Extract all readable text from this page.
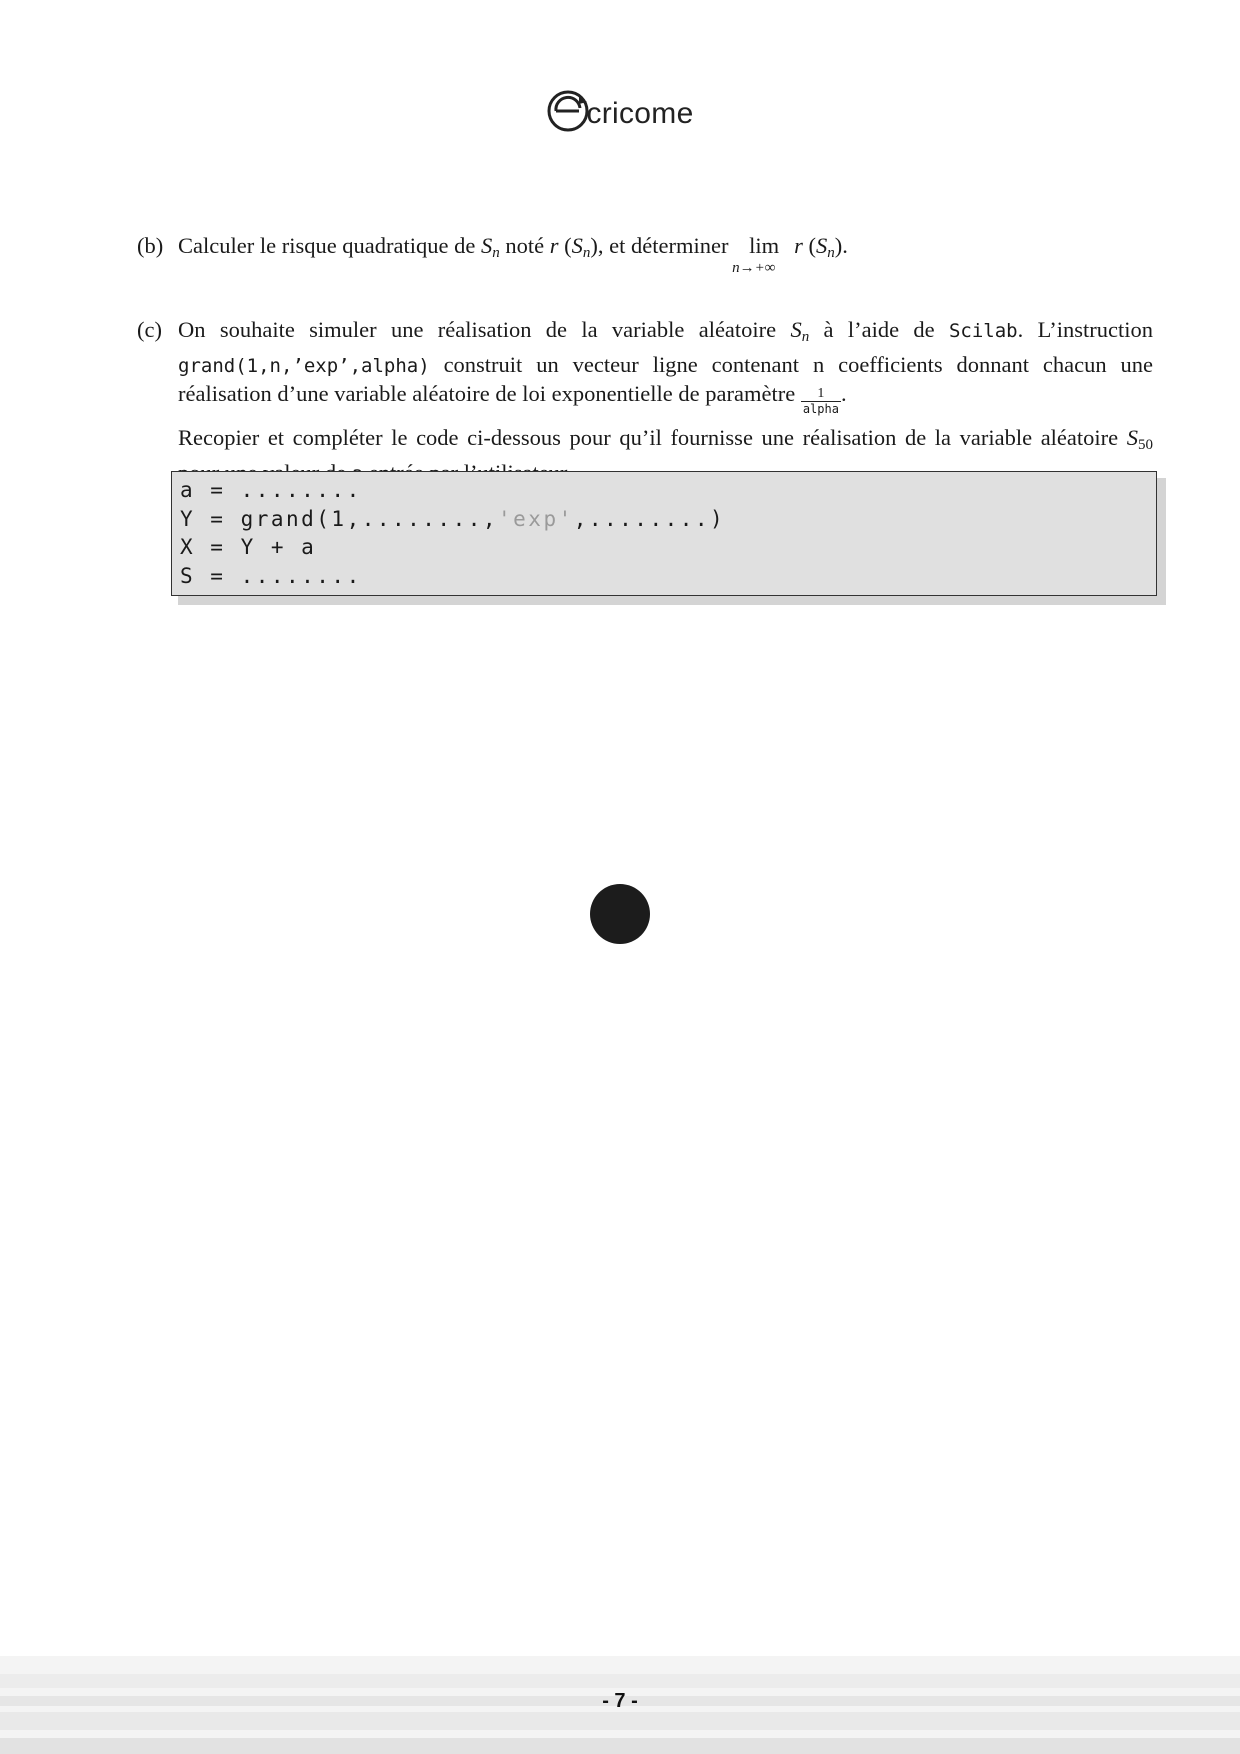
cricome
(b) Calculer le risque quadratique de Sn noté r (Sn), et déterminer lim
n→+∞
r (Sn).
(c) On souhaite simuler une réalisation de la variable aléatoire Sn à l’aide de Scilab. L’instruction grand(1,n,’exp’,alpha) construit un vecteur ligne contenant n coefficients donnant chacun une réalisation d’une variable aléatoire de loi exponentielle de paramètre $\frac{1}{\text{alpha}}$ .

Recopier et compléter le code ci-dessous pour qu’il fournisse une réalisation de la variable aléatoire $S_{50}$

a = ........
Y = grand(1,........,'exp',........)
X = Y + a
S = ........
- 7 -
